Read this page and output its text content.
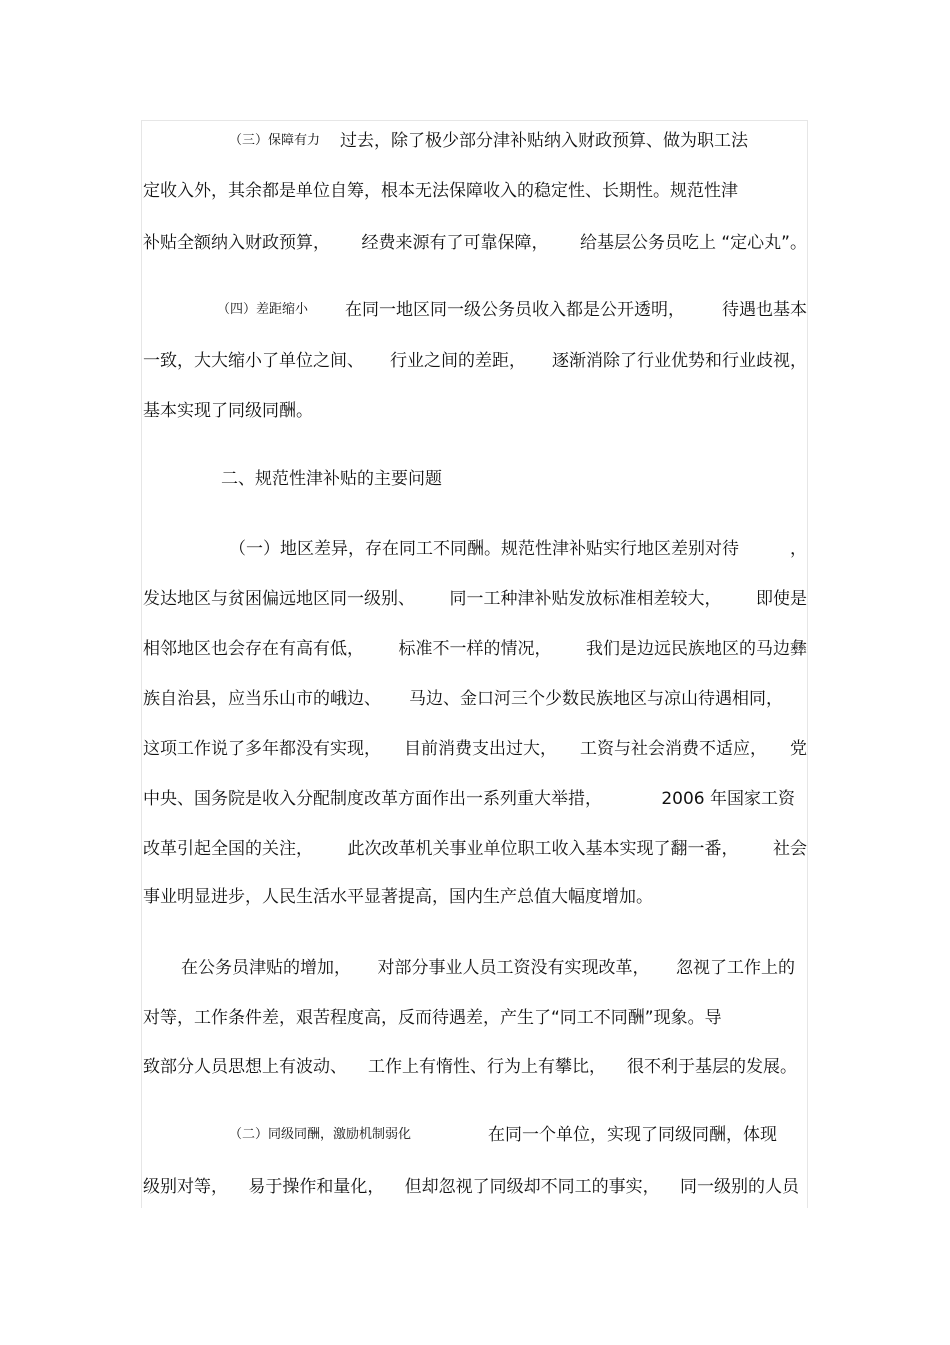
（三）保障有力 过去，除了极少部分津补贴纳入财政预算、做为职工法
定收入外，其余都是单位自筹，根本无法保障收入的稳定性、长期性。规范性津
补贴全额纳入财政预算， 经费来源有了可靠保障， 给基层公务员吃上 “定心丸”。
（四）差距缩小 在同一地区同一级公务员收入都是公开透明， 待遇也基本
一致，大大缩小了单位之间、 行业之间的差距， 逐渐消除了行业优势和行业歧视，
基本实现了同级同酬。
二、规范性津补贴的主要问题
（一）地区差异，存在同工不同酬。规范性津补贴实行地区差别对待	，
发达地区与贫困偏远地区同一级别、 同一工种津补贴发放标准相差较大， 即使是
相邻地区也会存在有高有低， 标准不一样的情况， 我们是边远民族地区的马边彝
族自治县，应当乐山市的峨边、 马边、金口河三个少数民族地区与凉山待遇相同，
这项工作说了多年都没有实现， 目前消费支出过大， 工资与社会消费不适应， 党
中央、国务院是收入分配制度改革方面作出一系列重大举措，	2006 年国家工资
改革引起全国的关注， 此次改革机关事业单位职工收入基本实现了翻一番， 社会
事业明显进步，人民生活水平显著提高，国内生产总值大幅度增加。
在公务员津贴的增加， 对部分事业人员工资没有实现改革， 忽视了工作上的
对等，工作条件差，艰苦程度高，反而待遇差，产生了“同工不同酬”现象。导
致部分人员思想上有波动、 工作上有惰性、行为上有攀比， 很不利于基层的发展。
（二）同级同酬，激励机制弱化	在同一个单位，实现了同级同酬，体现
级别对等， 易于操作和量化， 但却忽视了同级却不同工的事实， 同一级别的人员
